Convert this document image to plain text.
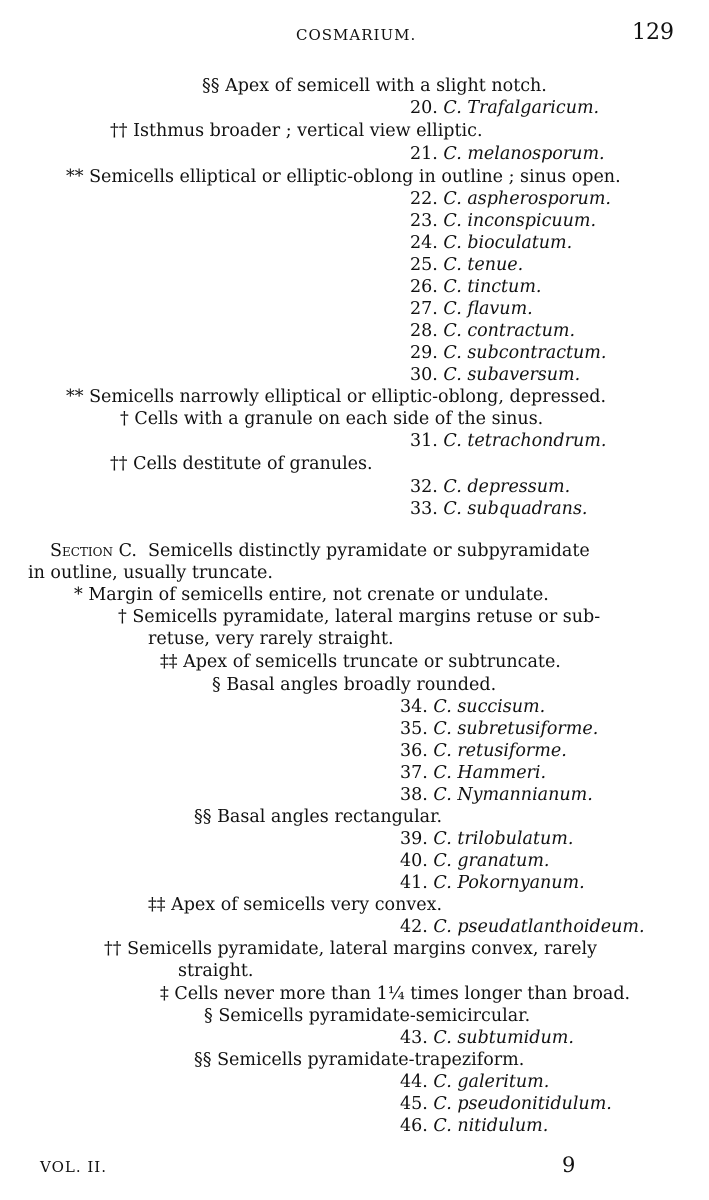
COSMARIUM.	129
§§ Apex of semicell with a slight notch.
20. C. Trafalgaricum.
†† Isthmus broader ; vertical view elliptic.
21. C. melanosporum.
** Semicells elliptical or elliptic-oblong in outline ; sinus open.
22. C. aspherosporum.
23. C. inconspicuum.
24. C. bioculatum.
25. C. tenue.
26. C. tinctum.
27. C. flavum.
28. C. contractum.
29. C. subcontractum.
30. C. subaversum.
** Semicells narrowly elliptical or elliptic-oblong, depressed.
† Cells with a granule on each side of the sinus.
31. C. tetrachondrum.
†† Cells destitute of granules.
32. C. depressum.
33. C. subquadrans.
Section C. Semicells distinctly pyramidate or subpyramidate
in outline, usually truncate.
* Margin of semicells entire, not crenate or undulate.
† Semicells pyramidate, lateral margins retuse or sub-
retuse, very rarely straight.
‡‡ Apex of semicells truncate or subtruncate.
§ Basal angles broadly rounded.
34. C. succisum.
35. C. subretusiforme.
36. C. retusiforme.
37. C. Hammeri.
38. C. Nymannianum.
§§ Basal angles rectangular.
39. C. trilobulatum.
40. C. granatum.
41. C. Pokornyanum.
‡‡ Apex of semicells very convex.
42. C. pseudatlanthoideum.
†† Semicells pyramidate, lateral margins convex, rarely
straight.
‡ Cells never more than 1¼ times longer than broad.
§ Semicells pyramidate-semicircular.
43. C. subtumidum.
§§ Semicells pyramidate-trapeziform.
44. C. galeritum.
45. C. pseudonitidulum.
46. C. nitidulum.
VOL. II.	9
